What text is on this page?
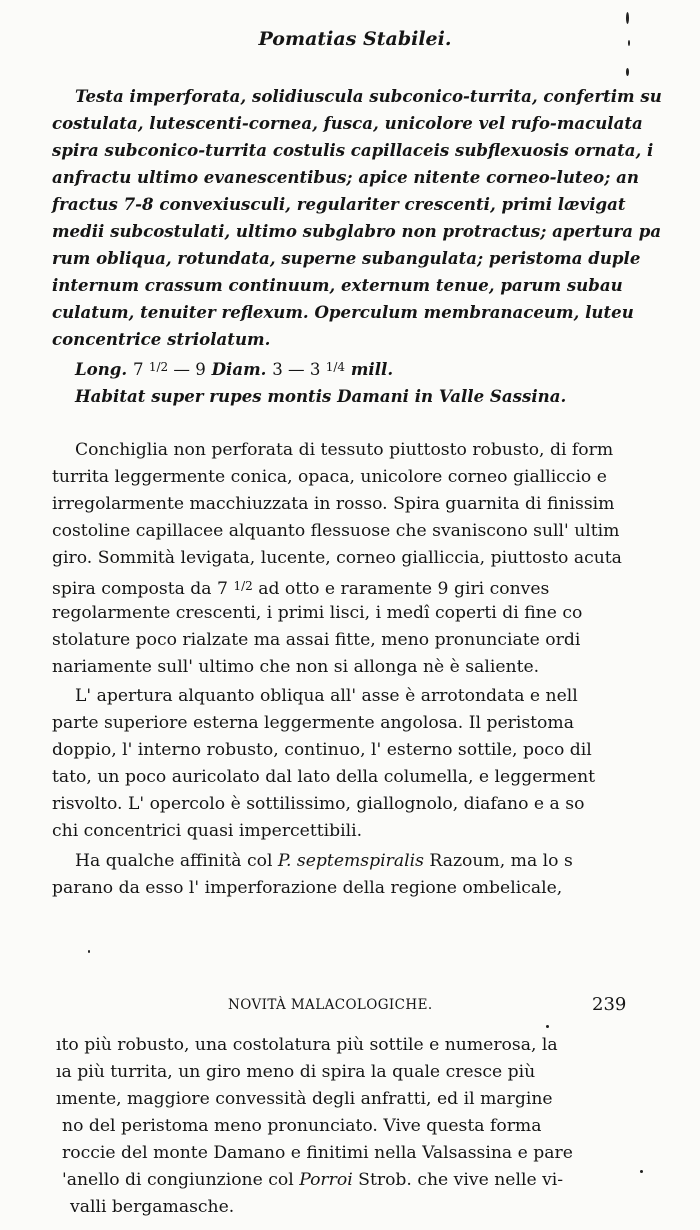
Pomatias Stabilei.

Testa imperforata, solidiuscula subconico-turrita, confertim su

costulata, lutescenti-cornea, fusca, unicolore vel rufo-maculata

spira subconico-turrita costulis capillaceis subflexuosis ornata, i

anfractu ultimo evanescentibus; apice nitente corneo-luteo; an

fractus 7-8 convexiusculi, regulariter crescenti, primi lævigat

medii subcostulati, ultimo subglabro non protractus; apertura pa

rum obliqua, rotundata, superne subangulata; peristoma duple

internum crassum continuum, externum tenue, parum subau

culatum, tenuiter reflexum. Operculum membranaceum, luteu

concentrice striolatum.

Long. 7 $^{1/2}$ — 9 Diam. 3 — 3 $^{1/4}$ mill.

Habitat super rupes montis Damani in Valle Sassina.

Conchiglia non perforata di tessuto piuttosto robusto, di form

turrita leggermente conica, opaca, unicolore corneo gialliccio e

irregolarmente macchiuzzata in rosso. Spira guarnita di finissim

costoline capillacee alquanto flessuose che svaniscono sull' ultim

giro. Sommità levigata, lucente, corneo gialliccia, piuttosto acuta

spira composta da 7 $^{1/2}$ ad otto e raramente 9 giri conves

regolarmente crescenti, i primi lisci, i medî coperti di fine co

stolature poco rialzate ma assai fitte, meno pronunciate ordi

nariamente sull' ultimo che non si allonga nè è saliente.

L' apertura alquanto obliqua all' asse è arrotondata e nell

parte superiore esterna leggermente angolosa. Il peristoma

doppio, l' interno robusto, continuo, l' esterno sottile, poco dil

tato, un poco auricolato dal lato della columella, e leggerment

risvolto. L' opercolo è sottilissimo, giallognolo, diafano e a so

chi concentrici quasi impercettibili.

Ha qualche affinità col P. septemspiralis Razoum, ma lo s

parano da esso l' imperforazione della regione ombelicale,

NOVITÀ MALACOLOGICHE.	239

ıto più robusto, una costolatura più sottile e numerosa, la

ıa più turrita, un giro meno di spira la quale cresce più

ımente, maggiore convessità degli anfratti, ed il margine

no del peristoma meno pronunciato. Vive questa forma

roccie del monte Damano e finitimi nella Valsassina e pare

'anello di congiunzione col Porroi Strob. che vive nelle vi-

valli bergamasche.
